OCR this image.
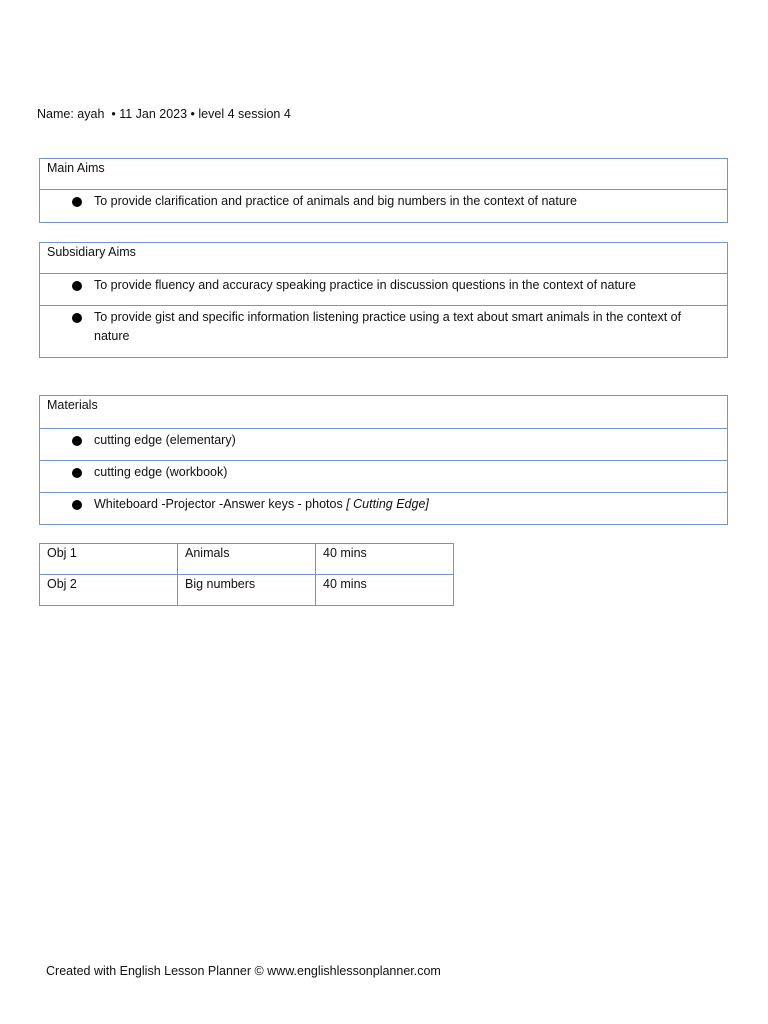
Name: ayah  • 11 Jan 2023 • level 4 session 4
Main Aims
To provide clarification and practice of animals and big numbers in the context of nature
Subsidiary Aims
To provide fluency and accuracy speaking practice in discussion questions in the context of nature
To provide gist and specific information listening practice using a text about smart animals in the context of nature
Materials
cutting edge (elementary)
cutting edge (workbook)
Whiteboard -Projector -Answer keys - photos [ Cutting Edge]
Obj 1	Animals	40 mins
Obj 2	Big numbers	40 mins
Created with English Lesson Planner © www.englishlessonplanner.com
